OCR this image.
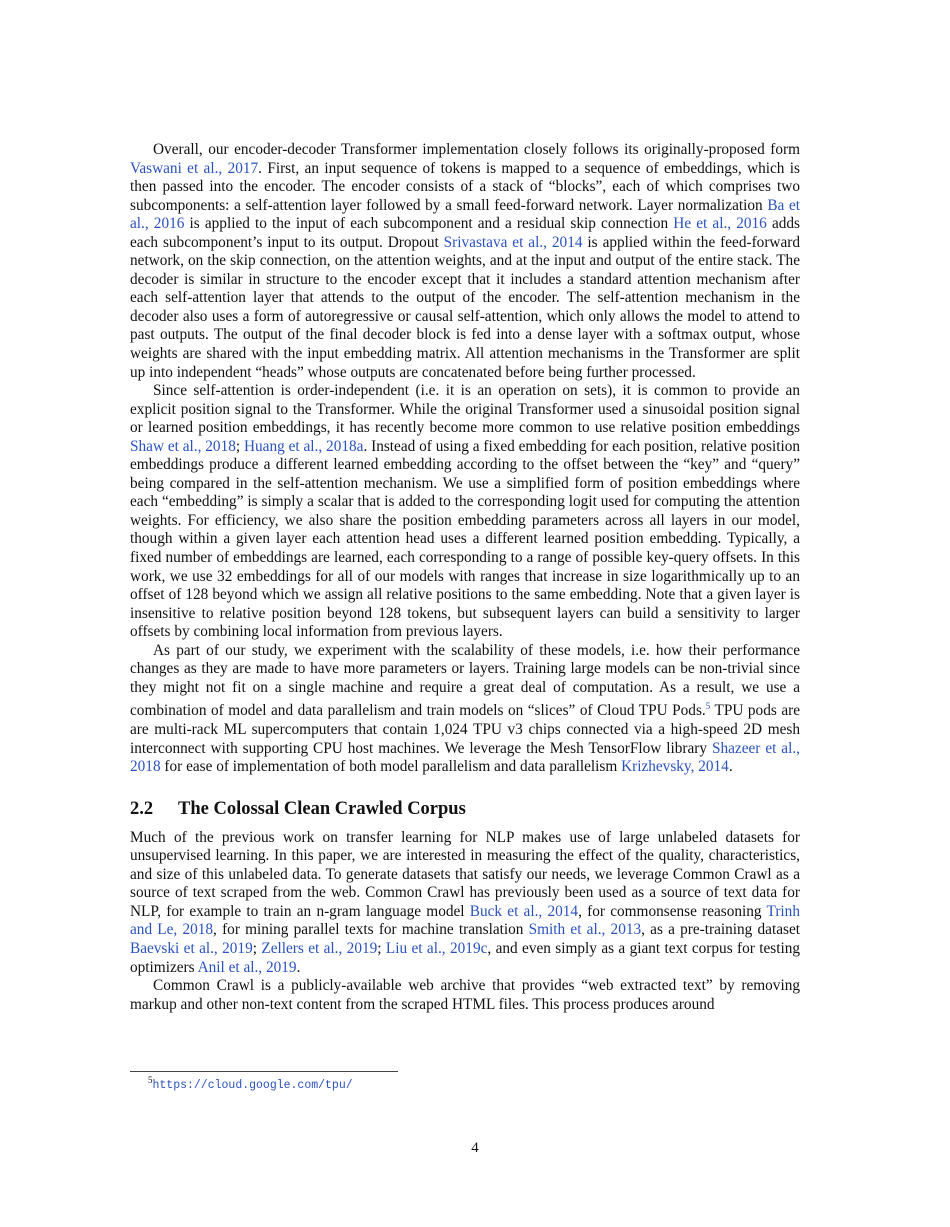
Overall, our encoder-decoder Transformer implementation closely follows its originally-proposed form Vaswani et al., 2017. First, an input sequence of tokens is mapped to a sequence of embeddings, which is then passed into the encoder. The encoder consists of a stack of “blocks”, each of which comprises two subcomponents: a self-attention layer followed by a small feed-forward network. Layer normalization Ba et al., 2016 is applied to the input of each subcomponent and a residual skip connection He et al., 2016 adds each subcomponent’s input to its output. Dropout Srivastava et al., 2014 is applied within the feed-forward network, on the skip connection, on the attention weights, and at the input and output of the entire stack. The decoder is similar in structure to the encoder except that it includes a standard attention mechanism after each self-attention layer that attends to the output of the encoder. The self-attention mechanism in the decoder also uses a form of autoregressive or causal self-attention, which only allows the model to attend to past outputs. The output of the final decoder block is fed into a dense layer with a softmax output, whose weights are shared with the input embedding matrix. All attention mechanisms in the Transformer are split up into independent “heads” whose outputs are concatenated before being further processed.

Since self-attention is order-independent (i.e. it is an operation on sets), it is common to provide an explicit position signal to the Transformer. While the original Transformer used a sinusoidal position signal or learned position embeddings, it has recently become more common to use relative position embeddings Shaw et al., 2018; Huang et al., 2018a. Instead of using a fixed embedding for each position, relative position embeddings produce a different learned embedding according to the offset between the “key” and “query” being compared in the self-attention mechanism. We use a simplified form of position embeddings where each “embedding” is simply a scalar that is added to the corresponding logit used for computing the attention weights. For efficiency, we also share the position embedding parameters across all layers in our model, though within a given layer each attention head uses a different learned position embedding. Typically, a fixed number of embeddings are learned, each corresponding to a range of possible key-query offsets. In this work, we use 32 embeddings for all of our models with ranges that increase in size logarithmically up to an offset of 128 beyond which we assign all relative positions to the same embedding. Note that a given layer is insensitive to relative position beyond 128 tokens, but subsequent layers can build a sensitivity to larger offsets by combining local information from previous layers.

As part of our study, we experiment with the scalability of these models, i.e. how their performance changes as they are made to have more parameters or layers. Training large models can be non-trivial since they might not fit on a single machine and require a great deal of computation. As a result, we use a combination of model and data parallelism and train models on “slices” of Cloud TPU Pods.$^5$ TPU pods are are multi-rack ML supercomputers that contain 1,024 TPU v3 chips connected via a high-speed 2D mesh interconnect with supporting CPU host machines. We leverage the Mesh TensorFlow library Shazeer et al., 2018 for ease of implementation of both model parallelism and data parallelism Krizhevsky, 2014.

2.2 The Colossal Clean Crawled Corpus

Much of the previous work on transfer learning for NLP makes use of large unlabeled datasets for unsupervised learning. In this paper, we are interested in measuring the effect of the quality, characteristics, and size of this unlabeled data. To generate datasets that satisfy our needs, we leverage Common Crawl as a source of text scraped from the web. Common Crawl has previously been used as a source of text data for NLP, for example to train an n-gram language model Buck et al., 2014, for commonsense reasoning Trinh and Le, 2018, for mining parallel texts for machine translation Smith et al., 2013, as a pre-training dataset Baevski et al., 2019; Zellers et al., 2019; Liu et al., 2019c, and even simply as a giant text corpus for testing optimizers Anil et al., 2019.

Common Crawl is a publicly-available web archive that provides “web extracted text” by removing markup and other non-text content from the scraped HTML files. This process produces around

$^5$https://cloud.google.com/tpu/
4
